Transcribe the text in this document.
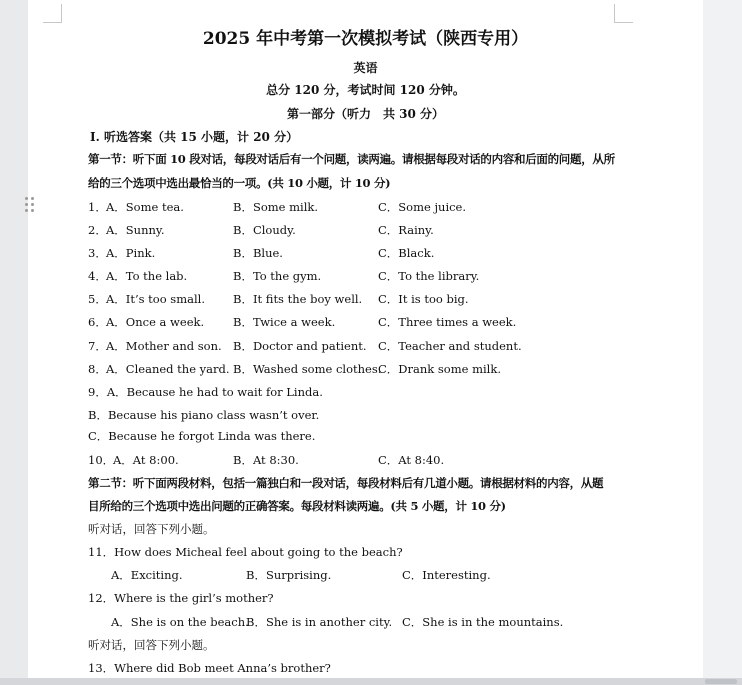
2025 年中考第一次模拟考试（陕西专用）
英语
总分 120 分，考试时间 120 分钟。
第一部分（听力　共 30 分）
Ⅰ. 听选答案（共 15 小题，计 20 分）
第一节：听下面 10 段对话，每段对话后有一个问题，读两遍。请根据每段对话的内容和后面的问题，从所
给的三个选项中选出最恰当的一项。(共 10 小题，计 10 分)
1． A．Some tea.	B．Some milk.	C．Some juice.
2． A．Sunny.	B．Cloudy.	C．Rainy.
3． A．Pink.	B．Blue.	C．Black.
4． A．To the lab.	B．To the gym.	C．To the library.
5． A．It’s too small. B．It fits the boy well. C．It is too big.
6． A．Once a week.	B．Twice a week.	C．Three times a week.
7． A．Mother and son. B．Doctor and patient. C．Teacher and student.
8． A．Cleaned the yard. B．Washed some clothes.
C．Drank some milk.
9．A．Because he had to wait for Linda.
B．Because his piano class wasn’t over.
C．Because he forgot Linda was there.
10．
A．At 8:00.	B．At 8:30.	C．At 8:40.
第二节：听下面两段材料，包括一篇独白和一段对话，每段材料后有几道小题。请根据材料的内容，从题
目所给的三个选项中选出问题的正确答案。每段材料读两遍。(共 5 小题，计 10 分)
听对话，回答下列小题。
11．How does Micheal feel about going to the beach?
A．Exciting.	B．Surprising.	C．Interesting.
12．Where is the girl’s mother?
A．She is on the beach.
B．She is in another city. C．She is in the mountains.
听对话，回答下列小题。
13．Where did Bob meet Anna’s brother?
